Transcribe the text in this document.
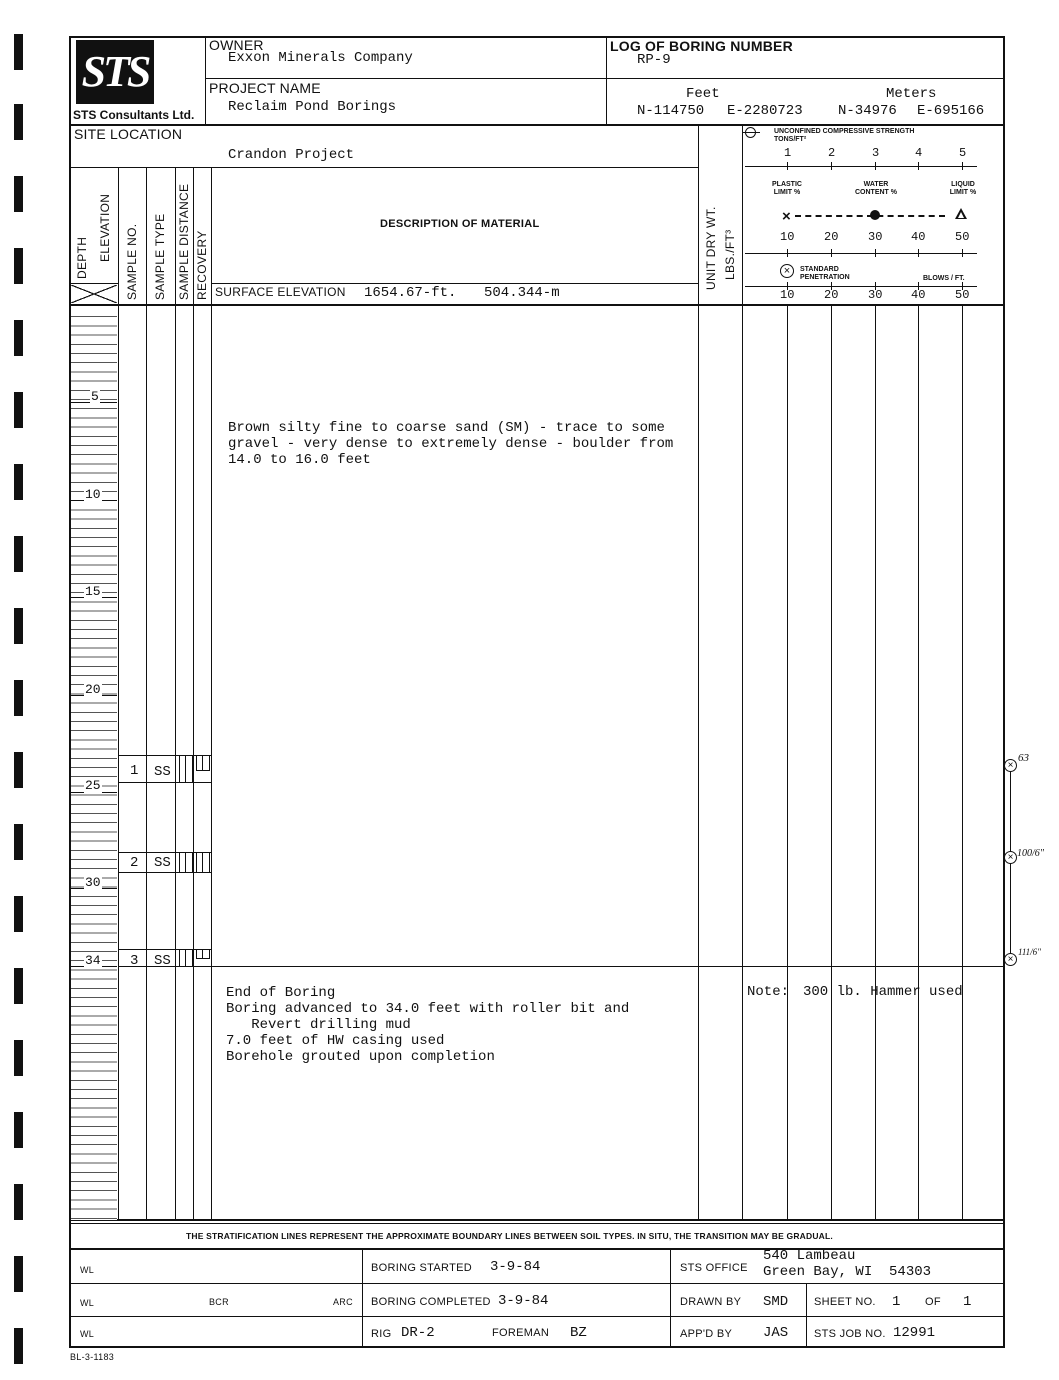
STS
STS Consultants Ltd.
OWNER
Exxon Minerals Company
PROJECT NAME
Reclaim Pond Borings
LOG OF BORING NUMBER
RP-9
Feet	Meters
N-114750 E-2280723	N-34976 E-695166
SITE LOCATION
Crandon Project
DEPTH ELEVATION SAMPLE NO. SAMPLE TYPE SAMPLE DISTANCE RECOVERY
DESCRIPTION OF MATERIAL
SURFACE ELEVATION 1654.67-ft. 504.344-m
UNIT DRY WT. LBS./FT³
UNCONFINED COMPRESSIVE STRENGTH
TONS/FT²
1	2	3	4	5
PLASTIC LIMIT %
WATER CONTENT %
LIQUID LIMIT %
×
10 20 30 40 50
×	STANDARD PENETRATION	BLOWS / FT.
10 20 30 40 50
5
10
15
20
25
30
34
1 SS
2 SS
3 SS
Brown silty fine to coarse sand (SM) - trace to some
gravel - very dense to extremely dense - boulder from
14.0 to 16.0 feet
End of Boring
Boring advanced to 34.0 feet with roller bit and
Revert drilling mud
7.0 feet of HW casing used
Borehole grouted upon completion
Note: 300 lb. Hammer used
×
×
×
63
100/6"
111/6"
THE STRATIFICATION LINES REPRESENT THE APPROXIMATE BOUNDARY LINES BETWEEN SOIL TYPES. IN SITU, THE TRANSITION MAY BE GRADUAL.
WL
WL	BCR	ARC
WL
BORING STARTED 3-9-84
BORING COMPLETED 3-9-84
RIG DR-2	FOREMAN BZ
STS OFFICE
540 Lambeau
Green Bay, WI  54303
DRAWN BY SMD SHEET NO. 1 OF 1
APP'D BY JAS STS JOB NO. 12991
BL-3-1183
